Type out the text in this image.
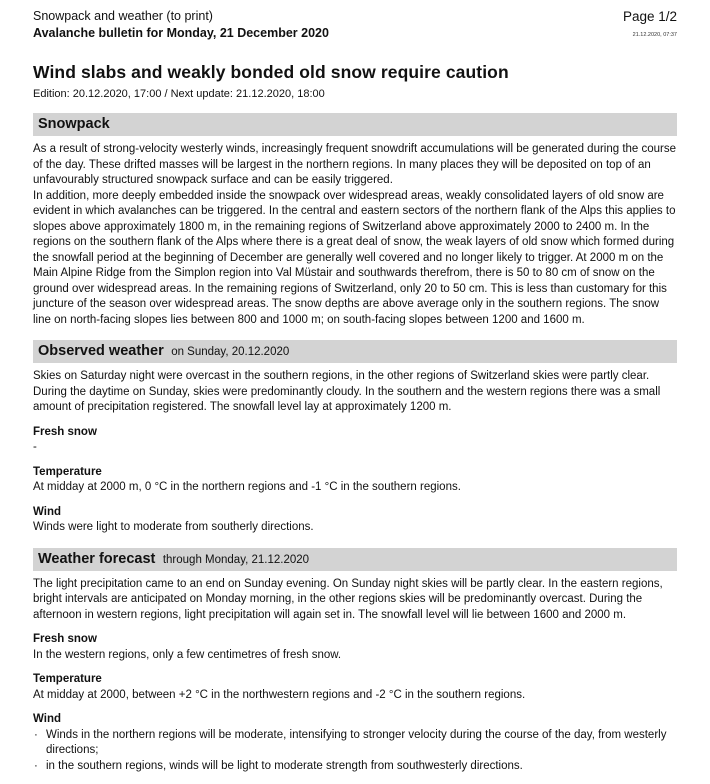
Snowpack and weather (to print)
Avalanche bulletin for Monday, 21 December 2020
Page 1/2
21.12.2020, 07:37
Wind slabs and weakly bonded old snow require caution
Edition: 20.12.2020, 17:00 / Next update: 21.12.2020, 18:00
Snowpack

As a result of strong-velocity westerly winds, increasingly frequent snowdrift accumulations will be generated during the course of the day. These drifted masses will be largest in the northern regions. In many places they will be deposited on top of an unfavourably structured snowpack surface and can be easily triggered.

In addition, more deeply embedded inside the snowpack over widespread areas, weakly consolidated layers of old snow are evident in which avalanches can be triggered. In the central and eastern sectors of the northern flank of the Alps this applies to slopes above approximately 1800 m, in the remaining regions of Switzerland above approximately 2000 to 2400 m. In the regions on the southern flank of the Alps where there is a great deal of snow, the weak layers of old snow which formed during the snowfall period at the beginning of December are generally well covered and no longer likely to trigger. At 2000 m on the Main Alpine Ridge from the Simplon region into Val Müstair and southwards therefrom, there is 50 to 80 cm of snow on the ground over widespread areas. In the remaining regions of Switzerland, only 20 to 50 cm. This is less than customary for this juncture of the season over widespread areas. The snow depths are above average only in the southern regions. The snow line on north-facing slopes lies between 800 and 1000 m; on south-facing slopes between 1200 and 1600 m.

Observed weather on Sunday, 20.12.2020

Skies on Saturday night were overcast in the southern regions, in the other regions of Switzerland skies were partly clear. During the daytime on Sunday, skies were predominantly cloudy. In the southern and the western regions there was a small amount of precipitation registered. The snowfall level lay at approximately 1200 m.

Fresh snow
-
Temperature
At midday at 2000 m, 0 °C in the northern regions and -1 °C in the southern regions.
Wind
Winds were light to moderate from southerly directions.
Weather forecast through Monday, 21.12.2020

The light precipitation came to an end on Sunday evening. On Sunday night skies will be partly clear. In the eastern regions, bright intervals are anticipated on Monday morning, in the other regions skies will be predominantly overcast. During the afternoon in western regions, light precipitation will again set in. The snowfall level will lie between 1600 and 2000 m.

Fresh snow
In the western regions, only a few centimetres of fresh snow.
Temperature
At midday at 2000, between +2 °C in the northwestern regions and -2 °C in the southern regions.
Wind
· Winds in the northern regions will be moderate, intensifying to stronger velocity during the course of the day, from westerly directions;
· in the southern regions, winds will be light to moderate strength from southwesterly directions.
